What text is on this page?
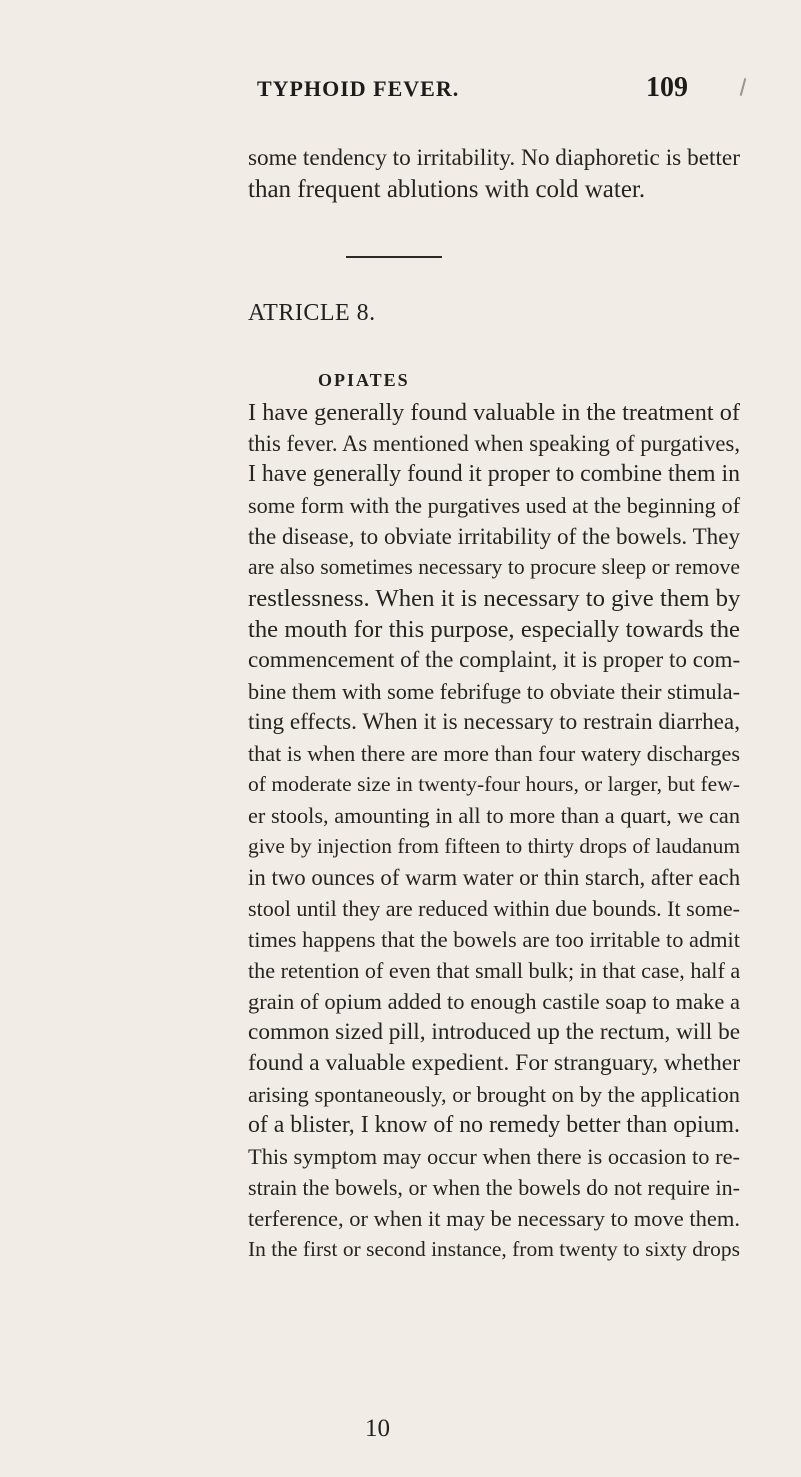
TYPHOID FEVER.	109
some tendency to irritability. No diaphoretic is better
than frequent ablutions with cold water.
ATRICLE 8.
OPIATES
I have generally found valuable in the treatment of
this fever. As mentioned when speaking of purgatives,
I have generally found it proper to combine them in
some form with the purgatives used at the beginning of
the disease, to obviate irritability of the bowels. They
are also sometimes necessary to procure sleep or remove
restlessness. When it is necessary to give them by
the mouth for this purpose, especially towards the
commencement of the complaint, it is proper to com-
bine them with some febrifuge to obviate their stimula-
ting effects. When it is necessary to restrain diarrhea,
that is when there are more than four watery discharges
of moderate size in twenty-four hours, or larger, but few-
er stools, amounting in all to more than a quart, we can
give by injection from fifteen to thirty drops of laudanum
in two ounces of warm water or thin starch, after each
stool until they are reduced within due bounds. It some-
times happens that the bowels are too irritable to admit
the retention of even that small bulk; in that case, half a
grain of opium added to enough castile soap to make a
common sized pill, introduced up the rectum, will be
found a valuable expedient. For stranguary, whether
arising spontaneously, or brought on by the application
of a blister, I know of no remedy better than opium.
This symptom may occur when there is occasion to re-
strain the bowels, or when the bowels do not require in-
terference, or when it may be necessary to move them.
In the first or second instance, from twenty to sixty drops
10
